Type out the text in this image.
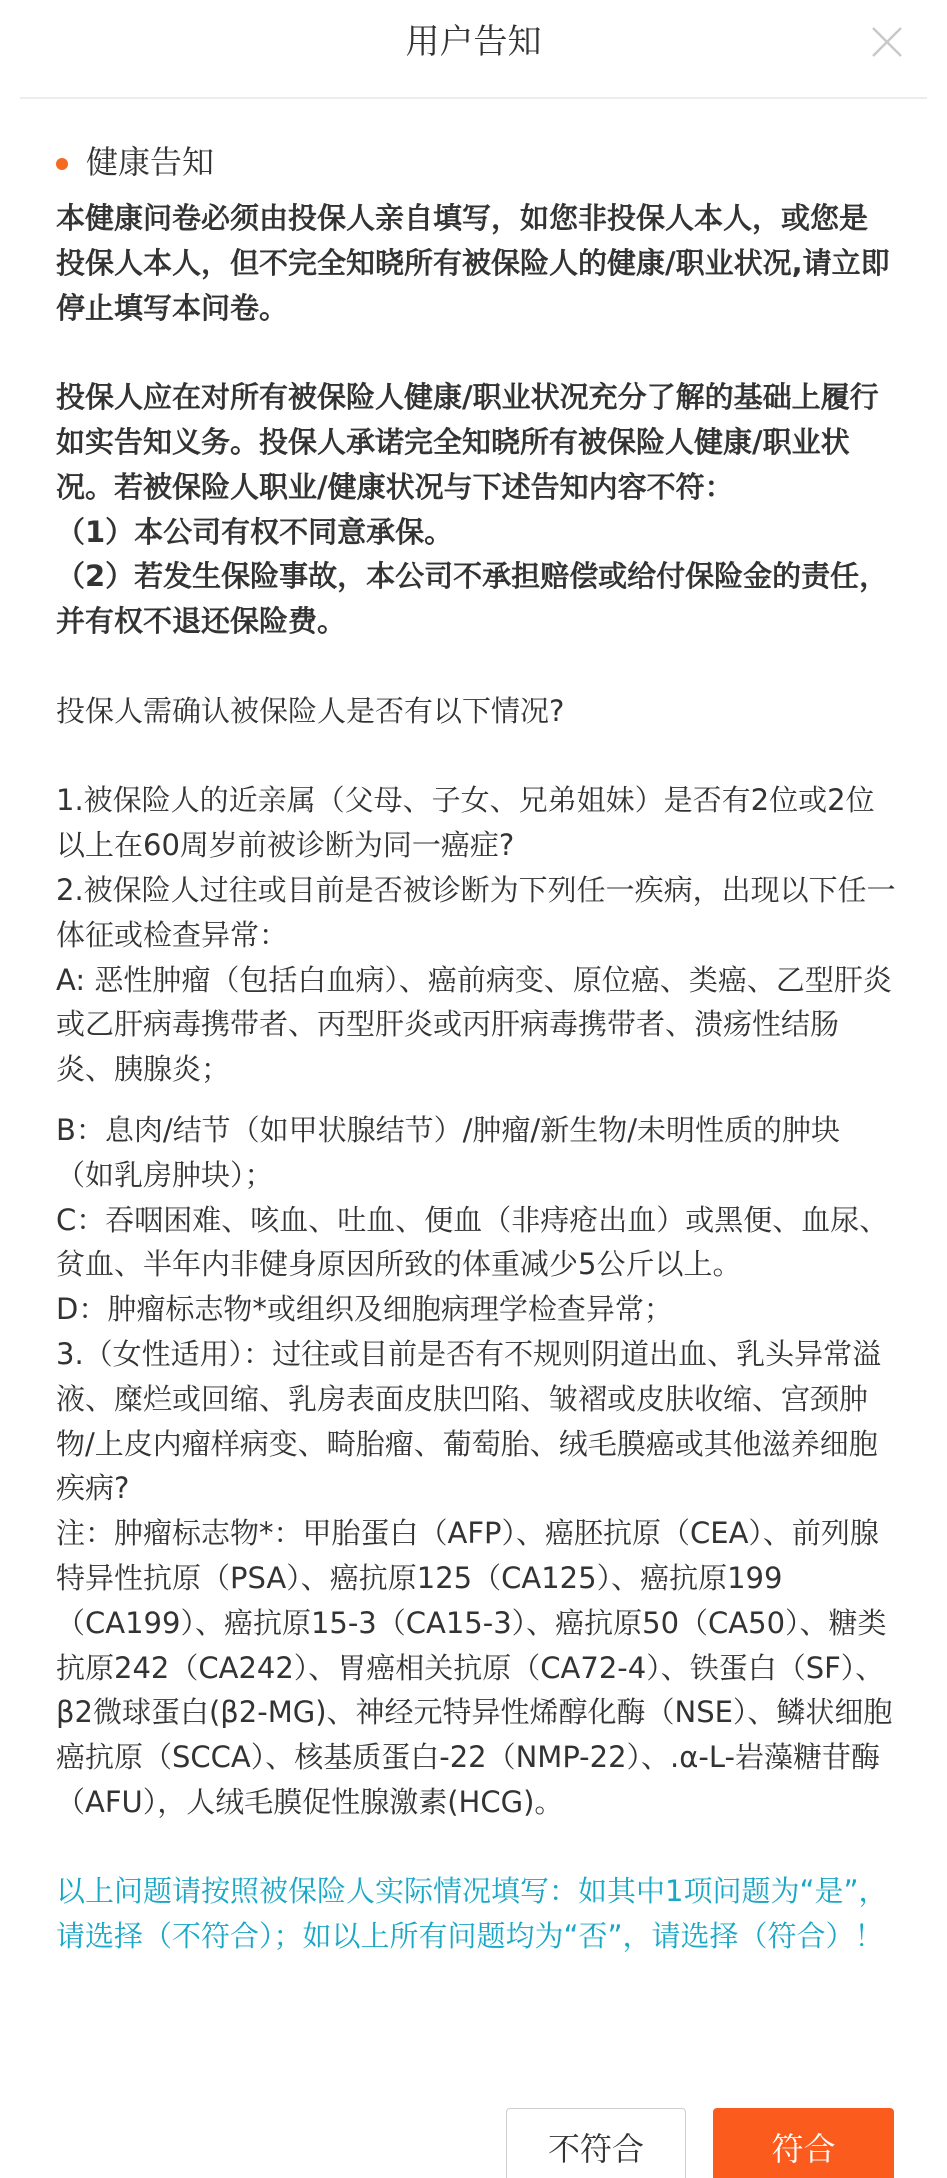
用户告知
健康告知
本健康问卷必须由投保人亲自填写，如您非投保人本人，或您是投保人本人，但不完全知晓所有被保险人的健康/职业状况,请立即停止填写本问卷。
投保人应在对所有被保险人健康/职业状况充分了解的基础上履行如实告知义务。投保人承诺完全知晓所有被保险人健康/职业状况。若被保险人职业/健康状况与下述告知内容不符：
（1）本公司有权不同意承保。
（2）若发生保险事故，本公司不承担赔偿或给付保险金的责任，并有权不退还保险费。
投保人需确认被保险人是否有以下情况?
1.被保险人的近亲属（父母、子女、兄弟姐妹）是否有2位或2位以上在60周岁前被诊断为同一癌症?
2.被保险人过往或目前是否被诊断为下列任一疾病，出现以下任一体征或检查异常：
A: 恶性肿瘤（包括白血病）、癌前病变、原位癌、类癌、乙型肝炎或乙肝病毒携带者、丙型肝炎或丙肝病毒携带者、溃疡性结肠炎、胰腺炎；
B：息肉/结节（如甲状腺结节）/肿瘤/新生物/未明性质的肿块（如乳房肿块）；
C：吞咽困难、咳血、吐血、便血（非痔疮出血）或黑便、血尿、贫血、半年内非健身原因所致的体重减少5公斤以上。
D：肿瘤标志物*或组织及细胞病理学检查异常；
3.（女性适用）：过往或目前是否有不规则阴道出血、乳头异常溢液、糜烂或回缩、乳房表面皮肤凹陷、皱褶或皮肤收缩、宫颈肿物/上皮内瘤样病变、畸胎瘤、葡萄胎、绒毛膜癌或其他滋养细胞疾病?
注：肿瘤标志物*：甲胎蛋白（AFP）、癌胚抗原（CEA）、前列腺特异性抗原（PSA）、癌抗原125（CA125）、癌抗原199（CA199）、癌抗原15-3（CA15-3）、癌抗原50（CA50）、糖类抗原242（CA242）、胃癌相关抗原（CA72-4）、铁蛋白（SF）、β2微球蛋白(β2-MG)、神经元特异性烯醇化酶（NSE）、鳞状细胞癌抗原（SCCA）、核基质蛋白-22（NMP-22）、.α-L-岩藻糖苷酶（AFU），人绒毛膜促性腺激素(HCG)。
以上问题请按照被保险人实际情况填写：如其中1项问题为“是”，请选择（不符合）；如以上所有问题均为“否”，请选择（符合）！
不符合	符合
